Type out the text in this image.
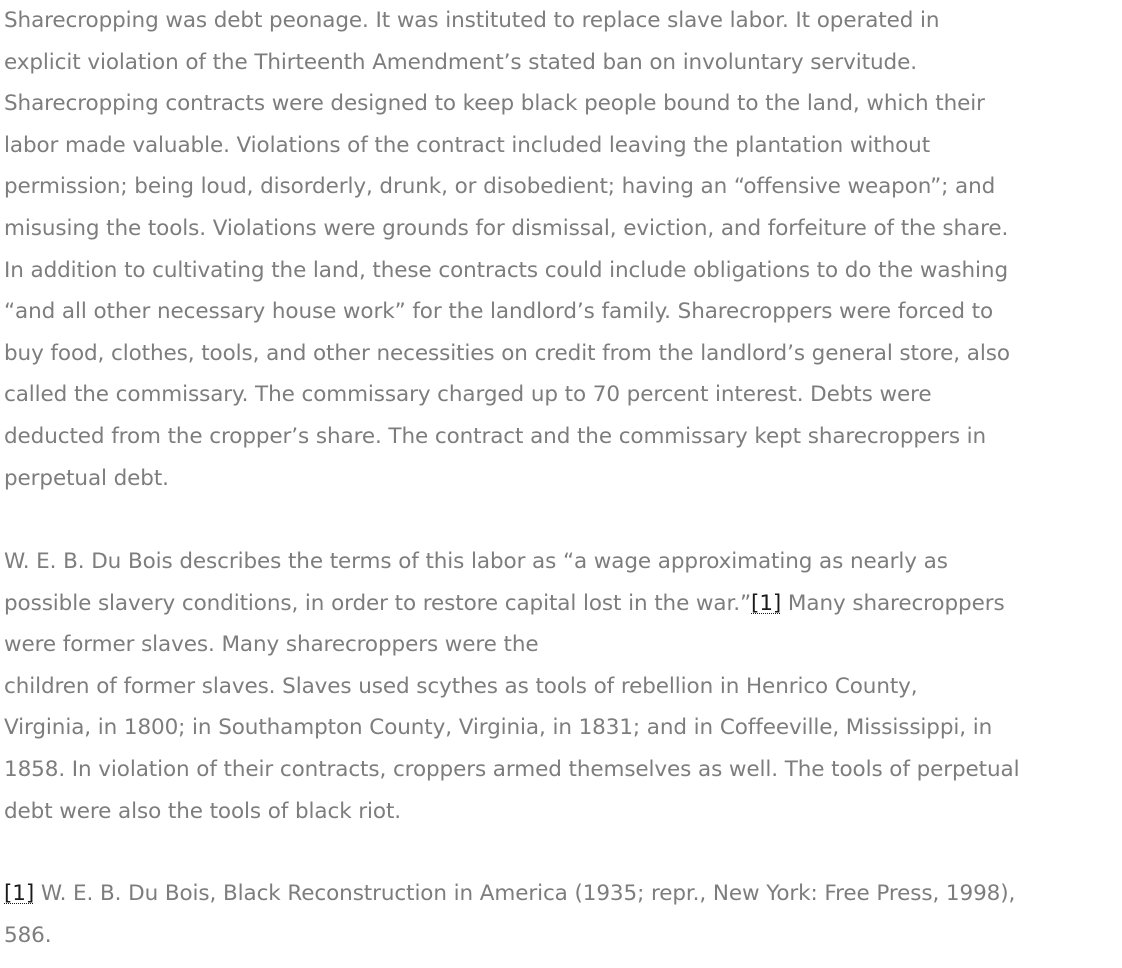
Sharecropping was debt peonage. It was instituted to replace slave labor. It operated in
explicit violation of the Thirteenth Amendment’s stated ban on involuntary servitude.
Sharecropping contracts were designed to keep black people bound to the land, which their
labor made valuable. Violations of the contract included leaving the plantation without
permission; being loud, disorderly, drunk, or disobedient; having an “offensive weapon”; and
misusing the tools. Violations were grounds for dismissal, eviction, and forfeiture of the share.
In addition to cultivating the land, these contracts could include obligations to do the washing
“and all other necessary house work” for the landlord’s family. Sharecroppers were forced to
buy food, clothes, tools, and other necessities on credit from the landlord’s general store, also
called the commissary. The commissary charged up to 70 percent interest. Debts were
deducted from the cropper’s share. The contract and the commissary kept sharecroppers in
perpetual debt.

W. E. B. Du Bois describes the terms of this labor as “a wage approximating as nearly as
possible slavery conditions, in order to restore capital lost in the war.”[1] Many sharecroppers
were former slaves. Many sharecroppers were the
children of former slaves. Slaves used scythes as tools of rebellion in Henrico County,
Virginia, in 1800; in Southampton County, Virginia, in 1831; and in Coffeeville, Mississippi, in
1858. In violation of their contracts, croppers armed themselves as well. The tools of perpetual
debt were also the tools of black riot.

[1] W. E. B. Du Bois, Black Reconstruction in America (1935; repr., New York: Free Press, 1998),
586.
